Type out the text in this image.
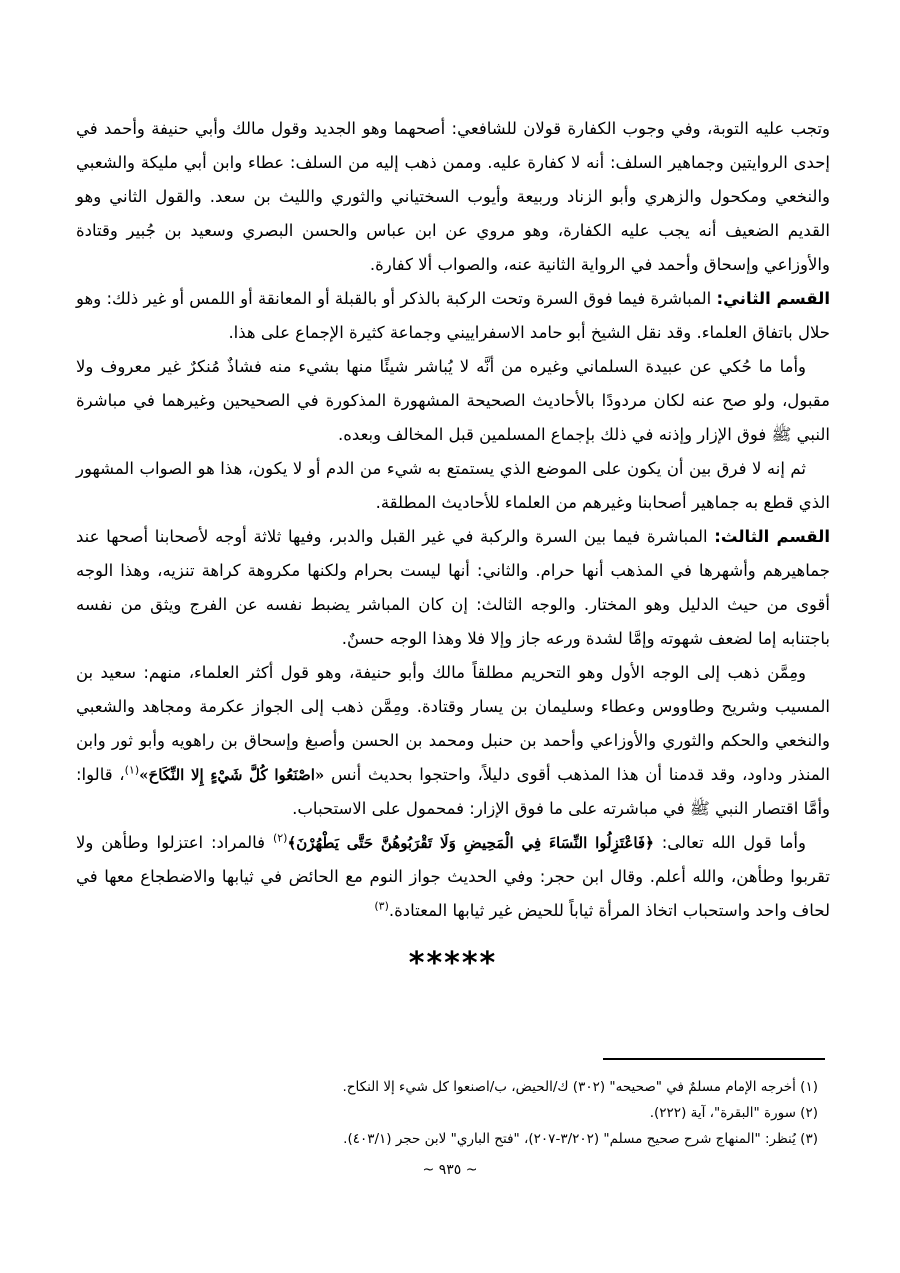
وتجب عليه التوبة، وفي وجوب الكفارة قولان للشافعي: أصحهما وهو الجديد وقول مالك وأبي حنيفة وأحمد في إحدى الروايتين وجماهير السلف: أنه لا كفارة عليه. وممن ذهب إليه من السلف: عطاء وابن أبي مليكة والشعبي والنخعي ومكحول والزهري وأبو الزناد وربيعة وأيوب السختياني والثوري والليث بن سعد. والقول الثاني وهو القديم الضعيف أنه يجب عليه الكفارة، وهو مروي عن ابن عباس والحسن البصري وسعيد بن جُبير وقتادة والأوزاعي وإسحاق وأحمد في الرواية الثانية عنه، والصواب ألا كفارة.

القسم الثاني: المباشرة فيما فوق السرة وتحت الركبة بالذكر أو بالقبلة أو المعانقة أو اللمس أو غير ذلك: وهو حلال باتفاق العلماء. وقد نقل الشيخ أبو حامد الاسفراييني وجماعة كثيرة الإجماع على هذا.

وأما ما حُكي عن عبيدة السلماني وغيره من أنَّه لا يُباشر شيئًا منها بشيء منه فشاذٌ مُنكرٌ غير معروف ولا مقبول، ولو صح عنه لكان مردودًا بالأحاديث الصحيحة المشهورة المذكورة في الصحيحين وغيرهما في مباشرة النبي ﷺ فوق الإزار وإذنه في ذلك بإجماع المسلمين قبل المخالف وبعده.

ثم إنه لا فرق بين أن يكون على الموضع الذي يستمتع به شيء من الدم أو لا يكون، هذا هو الصواب المشهور الذي قطع به جماهير أصحابنا وغيرهم من العلماء للأحاديث المطلقة.

القسم الثالث: المباشرة فيما بين السرة والركبة في غير القبل والدبر، وفيها ثلاثة أوجه لأصحابنا أصحها عند جماهيرهم وأشهرها في المذهب أنها حرام. والثاني: أنها ليست بحرام ولكنها مكروهة كراهة تنزيه، وهذا الوجه أقوى من حيث الدليل وهو المختار. والوجه الثالث: إن كان المباشر يضبط نفسه عن الفرج ويثق من نفسه باجتنابه إما لضعف شهوته وإمَّا لشدة ورعه جاز وإلا فلا وهذا الوجه حسنٌ.

ومِمَّن ذهب إلى الوجه الأول وهو التحريم مطلقاً مالك وأبو حنيفة، وهو قول أكثر العلماء، منهم: سعيد بن المسيب وشريح وطاووس وعطاء وسليمان بن يسار وقتادة. ومِمَّن ذهب إلى الجواز عكرمة ومجاهد والشعبي والنخعي والحكم والثوري والأوزاعي وأحمد بن حنبل ومحمد بن الحسن وأصبغ وإسحاق بن راهويه وأبو ثور وابن المنذر وداود، وقد قدمنا أن هذا المذهب أقوى دليلاً، واحتجوا بحديث أنس «اصْنَعُوا كُلَّ شَيْءٍ إِلا النِّكَاحَ»$^{(١)}$، قالوا: وأمَّا اقتصار النبي ﷺ في مباشرته على ما فوق الإزار: فمحمول على الاستحباب.

وأما قول الله تعالى: ﴿فَاعْتَزِلُوا النِّسَاءَ فِي الْمَحِيضِ وَلَا تَقْرَبُوهُنَّ حَتَّى يَطْهُرْنَ﴾$^{(٢)}$ فالمراد: اعتزلوا وطأهن ولا تقربوا وطأهن، والله أعلم. وقال ابن حجر: وفي الحديث جواز النوم مع الحائض في ثيابها والاضطجاع معها في لحاف واحد واستحباب اتخاذ المرأة ثياباً للحيض غير ثيابها المعتادة.$^{(٣)}$

*****
(١) أخرجه الإمام مسلمٌ في "صحيحه" (٣٠٢) ك/الحيض، ب/اصنعوا كل شيء إلا النكاح.
(٢) سورة "البقرة"، آية (٢٢٢).
(٣) يُنظر: "المنهاج شرح صحيح مسلم" (٣/٢٠٢-٢٠٧)، "فتح الباري" لابن حجر (٤٠٣/١).
~ ٩٣٥ ~
